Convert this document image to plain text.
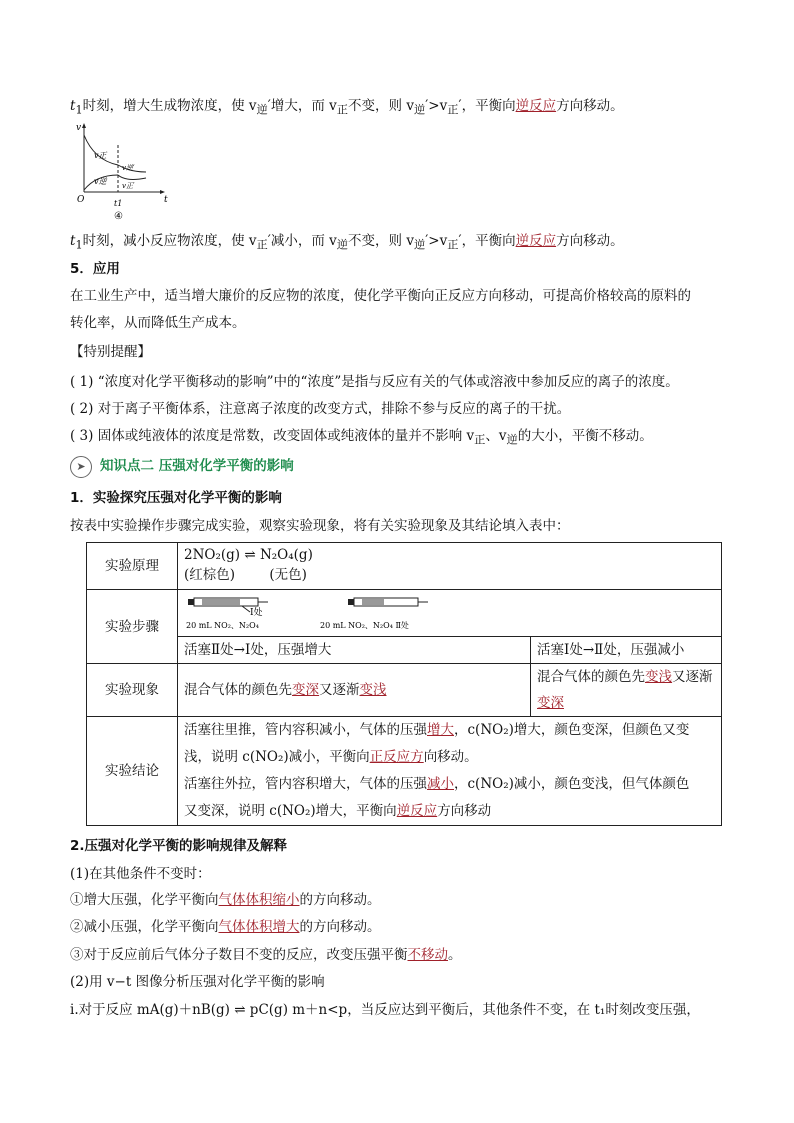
$t_1$时刻，增大生成物浓度，使 $v_逆'$增大，而 $v_正$不变，则 $v_逆'>v_正'$，平衡向逆反应方向移动。
v
t
O
v正
v逆
v逆′
v正′
t1
④
$t_1$时刻，减小反应物浓度，使 $v_正'$减小，而 $v_逆$不变，则 $v_逆'>v_正'$，平衡向逆反应方向移动。
5．应用
在工业生产中，适当增大廉价的反应物的浓度，使化学平衡向正反应方向移动，可提高价格较高的原料的
转化率，从而降低生产成本。
【特别提醒】
( 1) “浓度对化学平衡移动的影响”中的“浓度”是指与反应有关的气体或溶液中参加反应的离子的浓度。
( 2) 对于离子平衡体系，注意离子浓度的改变方式，排除不参与反应的离子的干扰。
( 3) 固体或纯液体的浓度是常数，改变固体或纯液体的量并不影响 $v_正$、$v_逆$的大小，平衡不移动。
➤ 知识点二 压强对化学平衡的影响
1．实验探究压强对化学平衡的影响
按表中实验操作步骤完成实验，观察实验现象，将有关实验现象及其结论填入表中：
实验原理	2NO₂(g) ⇌ N₂O₄(g)
(红棕色)        (无色)	

实验步骤	Ⅰ处
20 mL NO₂、N₂O₄ 20 mL NO₂、N₂O₄ Ⅱ处	

	活塞Ⅱ处→Ⅰ处，压强增大	活塞Ⅰ处→Ⅱ处，压强减小
实验现象	混合气体的颜色先变深又逐渐变浅	混合气体的颜色先变浅又逐渐变深
实验结论	活塞往里推，管内容积减小，气体的压强增大，c(NO₂)增大，颜色变深，但颜色又变
浅，说明 c(NO₂)减小，平衡向正反应方向移动。
活塞往外拉，管内容积增大，气体的压强减小，c(NO₂)减小，颜色变浅，但气体颜色
又变深，说明 c(NO₂)增大，平衡向逆反应方向移动	
2.压强对化学平衡的影响规律及解释
(1)在其他条件不变时：
①增大压强，化学平衡向气体体积缩小的方向移动。
②减小压强，化学平衡向气体体积增大的方向移动。
③对于反应前后气体分子数目不变的反应，改变压强平衡不移动。
(2)用 v−t 图像分析压强对化学平衡的影响
ⅰ.对于反应 mA(g)＋nB(g) ⇌ pC(g) m＋n<p，当反应达到平衡后，其他条件不变，在 t₁时刻改变压强，
